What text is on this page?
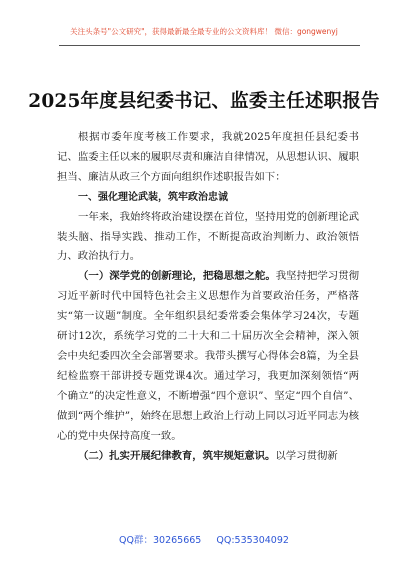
关注头条号"公文研究"，获得最新最全最专业的公文资料库！ 微信：gongwenyj
2025年度县纪委书记、监委主任述职报告

根据市委年度考核工作要求，我就2025年度担任县纪委书记、监委主任以来的履职尽责和廉洁自律情况，从思想认识、履职担当、廉洁从政三个方面向组织作述职报告如下：

一、强化理论武装，筑牢政治忠诚

一年来，我始终将政治建设摆在首位，坚持用党的创新理论武装头脑、指导实践、推动工作，不断提高政治判断力、政治领悟力、政治执行力。

（一）深学党的创新理论，把稳思想之舵。我坚持把学习贯彻习近平新时代中国特色社会主义思想作为首要政治任务，严格落实“第一议题”制度。全年组织县纪委常委会集体学习24次，专题研讨12次，系统学习党的二十大和二十届历次全会精神，深入领会中央纪委四次全会部署要求。我带头撰写心得体会8篇，为全县纪检监察干部讲授专题党课4次。通过学习，我更加深刻领悟“两个确立”的决定性意义，不断增强“四个意识”、坚定“四个自信”、做到“两个维护”，始终在思想上政治上行动上同以习近平同志为核心的党中央保持高度一致。

（二）扎实开展纪律教育，筑牢规矩意识。以学习贯彻新

QQ群：30265665 QQ:535304092
